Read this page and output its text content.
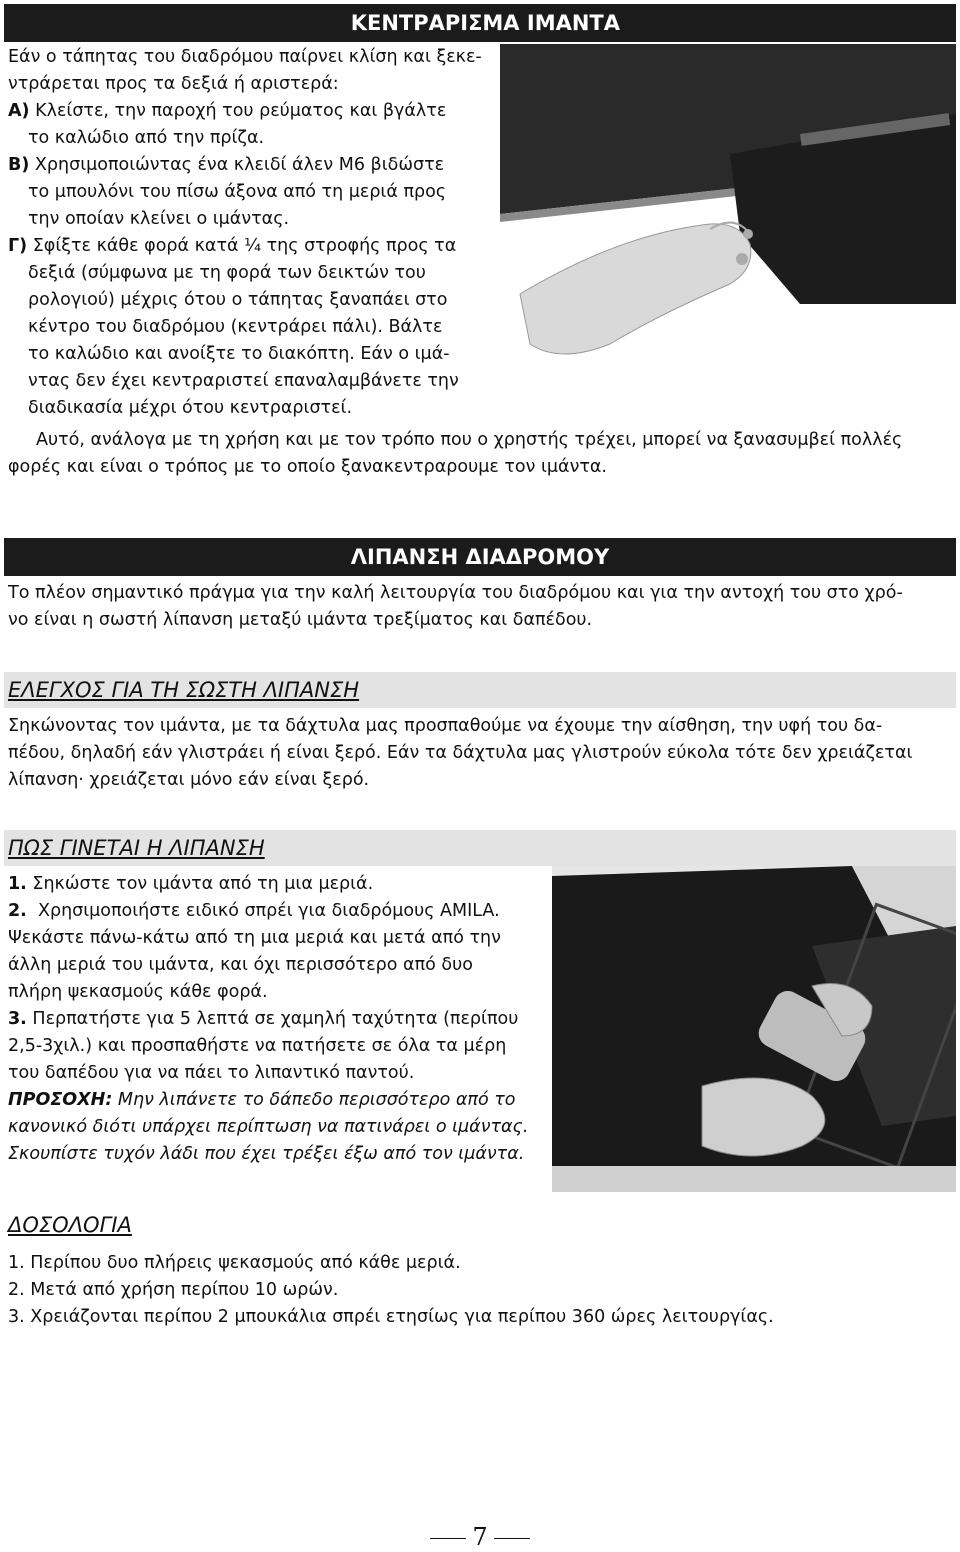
ΚΕΝΤΡΑΡΙΣΜΑ ΙΜΑΝΤΑ
Εάν ο τάπητας του διαδρόμου παίρνει κλίση και ξεκε-
ντράρεται προς τα δεξιά ή αριστερά:
Α) Κλείστε, την παροχή του ρεύματος και βγάλτε
το καλώδιο από την πρίζα.
Β) Χρησιμοποιώντας ένα κλειδί άλεν Μ6 βιδώστε
το μπουλόνι του πίσω άξονα από τη μεριά προς
την οποίαν κλείνει ο ιμάντας.
Γ) Σφίξτε κάθε φορά κατά ¼ της στροφής προς τα
δεξιά (σύμφωνα με τη φορά των δεικτών του
ρολογιού) μέχρις ότου ο τάπητας ξαναπάει στο
κέντρο του διαδρόμου (κεντράρει πάλι). Βάλτε
το καλώδιο και ανοίξτε το διακόπτη. Εάν ο ιμά-
ντας δεν έχει κεντραριστεί επαναλαμβάνετε την
διαδικασία μέχρι ότου κεντραριστεί.
Αυτό, ανάλογα με τη χρήση και με τον τρόπο που ο χρηστής τρέχει, μπορεί να ξανασυμβεί πολλές
φορές και είναι ο τρόπος με το οποίο ξανακεντραρουμε τον ιμάντα.
ΛΙΠΑΝΣΗ ΔΙΑΔΡΟΜΟΥ
Το πλέον σημαντικό πράγμα για την καλή λειτουργία του διαδρόμου και για την αντοχή του στο χρό-
νο είναι η σωστή λίπανση μεταξύ ιμάντα τρεξίματος και δαπέδου.
ΕΛΕΓΧΟΣ ΓΙΑ ΤΗ ΣΩΣΤΗ ΛΙΠΑΝΣΗ
Σηκώνοντας τον ιμάντα, με τα δάχτυλα μας προσπαθούμε να έχουμε την αίσθηση, την υφή του δα-
πέδου, δηλαδή εάν γλιστράει ή είναι ξερό. Εάν τα δάχτυλα μας γλιστρούν εύκολα τότε δεν χρειάζεται
λίπανση· χρειάζεται μόνο εάν είναι ξερό.
ΠΩΣ ΓΙΝΕΤΑΙ Η ΛΙΠΑΝΣΗ
1. Σηκώστε τον ιμάντα από τη μια μεριά.
2. Χρησιμοποιήστε ειδικό σπρέι για διαδρόμους AMILA.
Ψεκάστε πάνω-κάτω από τη μια μεριά και μετά από την
άλλη μεριά του ιμάντα, και όχι περισσότερο από δυο
πλήρη ψεκασμούς κάθε φορά.
3. Περπατήστε για 5 λεπτά σε χαμηλή ταχύτητα (περίπου
2,5-3χιλ.) και προσπαθήστε να πατήσετε σε όλα τα μέρη
του δαπέδου για να πάει το λιπαντικό παντού.
ΠΡΟΣΟΧΗ: Μην λιπάνετε το δάπεδο περισσότερο από το
κανονικό διότι υπάρχει περίπτωση να πατινάρει ο ιμάντας.
Σκουπίστε τυχόν λάδι που έχει τρέξει έξω από τον ιμάντα.
ΔΟΣΟΛΟΓΙΑ
1. Περίπου δυο πλήρεις ψεκασμούς από κάθε μεριά.
2. Μετά από χρήση περίπου 10 ωρών.
3. Χρειάζονται περίπου 2 μπουκάλια σπρέι ετησίως για περίπου 360 ώρες λειτουργίας.
7
